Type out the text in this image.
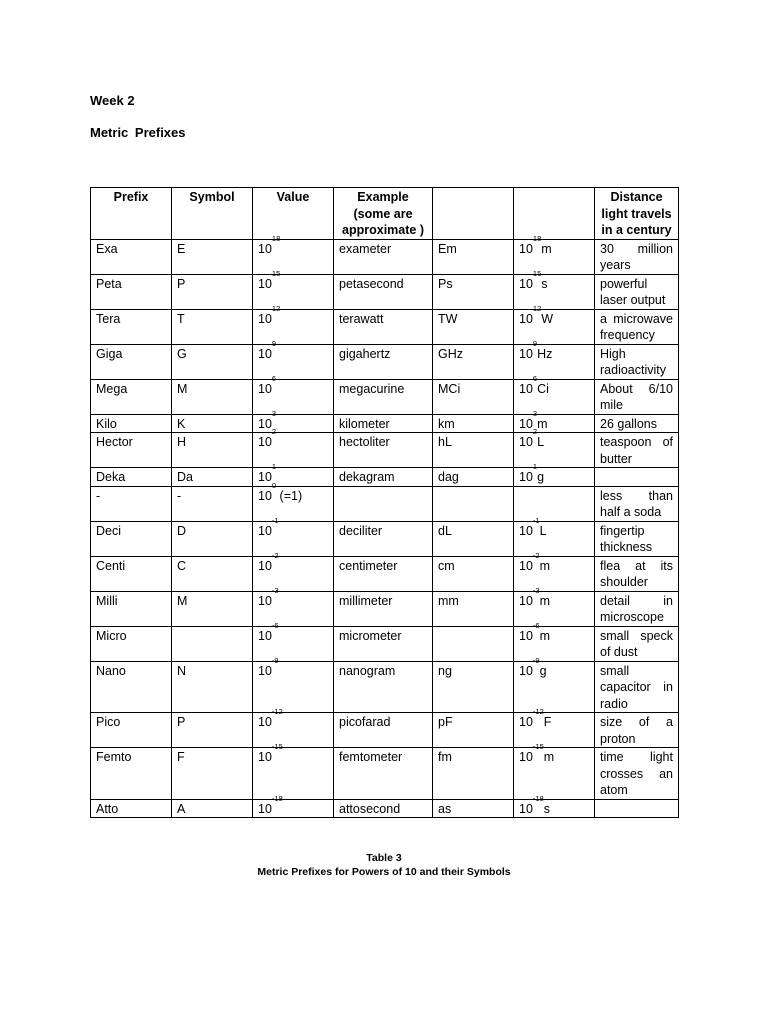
Week 2
Metric Prefixes
Prefix	Symbol	Value	Example (some are approximate )			Distance light travels in a century
Exa	E	$10^{18}$	exameter	Em	$10^{18}m$	30 million years
Peta	P	$10^{15}$	petasecond	Ps	$10^{15}s$	powerful laser output
Tera	T	$10^{12}$	terawatt	TW	$10^{12}W$	a microwave frequency
Giga	G	$10^9$	gigahertz	GHz	$10^9Hz$	High radioactivity
Mega	M	$10^6$	megacurine	MCi	$10^6Ci$	About 6/10 mile
Kilo	K	$10^3$	kilometer	km	$10^3m$	26 gallons
Hector	H	$10^2$	hectoliter	hL	$10^2L$	teaspoon of butter
Deka	Da	$10^1$	dekagram	dag	$10^1g$	
-	-	$10^0$ (=1)				less than half a soda
Deci	D	$10^{-1}$	deciliter	dL	$10^{-1}L$	fingertip thickness
Centi	C	$10^{-2}$	centimeter	cm	$10^{-2}m$	flea at its shoulder
Milli	M	$10^{-3}$	millimeter	mm	$10^{-3}m$	detail in microscope
Micro		$10^{-6}$	micrometer		$10^{-6}m$	small speck of dust
Nano	N	$10^{-9}$	nanogram	ng	$10^{-9}g$	small capacitor in radio
Pico	P	$10^{-12}$	picofarad	pF	$10^{-12}F$	size of a proton
Femto	F	$10^{-15}$	femtometer	fm	$10^{-15}m$	time light crosses an atom
Atto	A	$10^{-18}$	attosecond	as	$10^{-18}s$	
Table 3
Metric Prefixes for Powers of 10 and their Symbols
